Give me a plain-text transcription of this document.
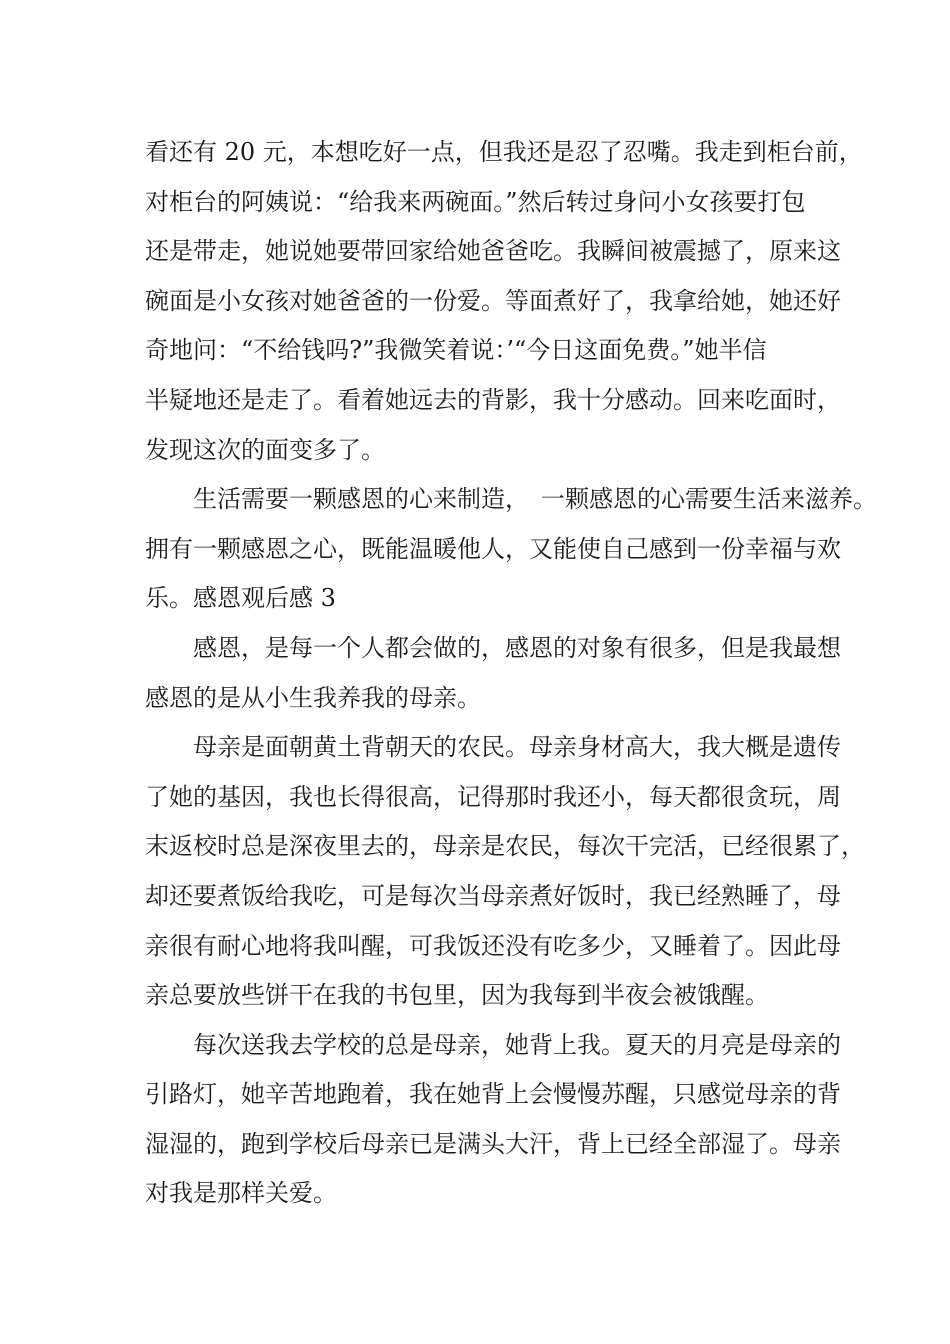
看还有 20 元，本想吃好一点，但我还是忍了忍嘴。我走到柜台前，
对柜台的阿姨说：“给我来两碗面。”然后转过身问小女孩要打包
还是带走，她说她要带回家给她爸爸吃。我瞬间被震撼了，原来这
碗面是小女孩对她爸爸的一份爱。等面煮好了，我拿给她，她还好
奇地问：“不给钱吗?”我微笑着说：’“今日这面免费。”她半信
半疑地还是走了。看着她远去的背影，我十分感动。回来吃面时，
发现这次的面变多了。
生活需要一颗感恩的心来制造，　一颗感恩的心需要生活来滋养。
拥有一颗感恩之心，既能温暖他人，又能使自己感到一份幸福与欢
乐。感恩观后感 3
感恩，是每一个人都会做的，感恩的对象有很多，但是我最想
感恩的是从小生我养我的母亲。
母亲是面朝黄土背朝天的农民。母亲身材高大，我大概是遗传
了她的基因，我也长得很高，记得那时我还小，每天都很贪玩，周
末返校时总是深夜里去的，母亲是农民，每次干完活，已经很累了，
却还要煮饭给我吃，可是每次当母亲煮好饭时，我已经熟睡了，母
亲很有耐心地将我叫醒，可我饭还没有吃多少，又睡着了。因此母
亲总要放些饼干在我的书包里，因为我每到半夜会被饿醒。
每次送我去学校的总是母亲，她背上我。夏天的月亮是母亲的
引路灯，她辛苦地跑着，我在她背上会慢慢苏醒，只感觉母亲的背
湿湿的，跑到学校后母亲已是满头大汗，背上已经全部湿了。母亲
对我是那样关爱。
